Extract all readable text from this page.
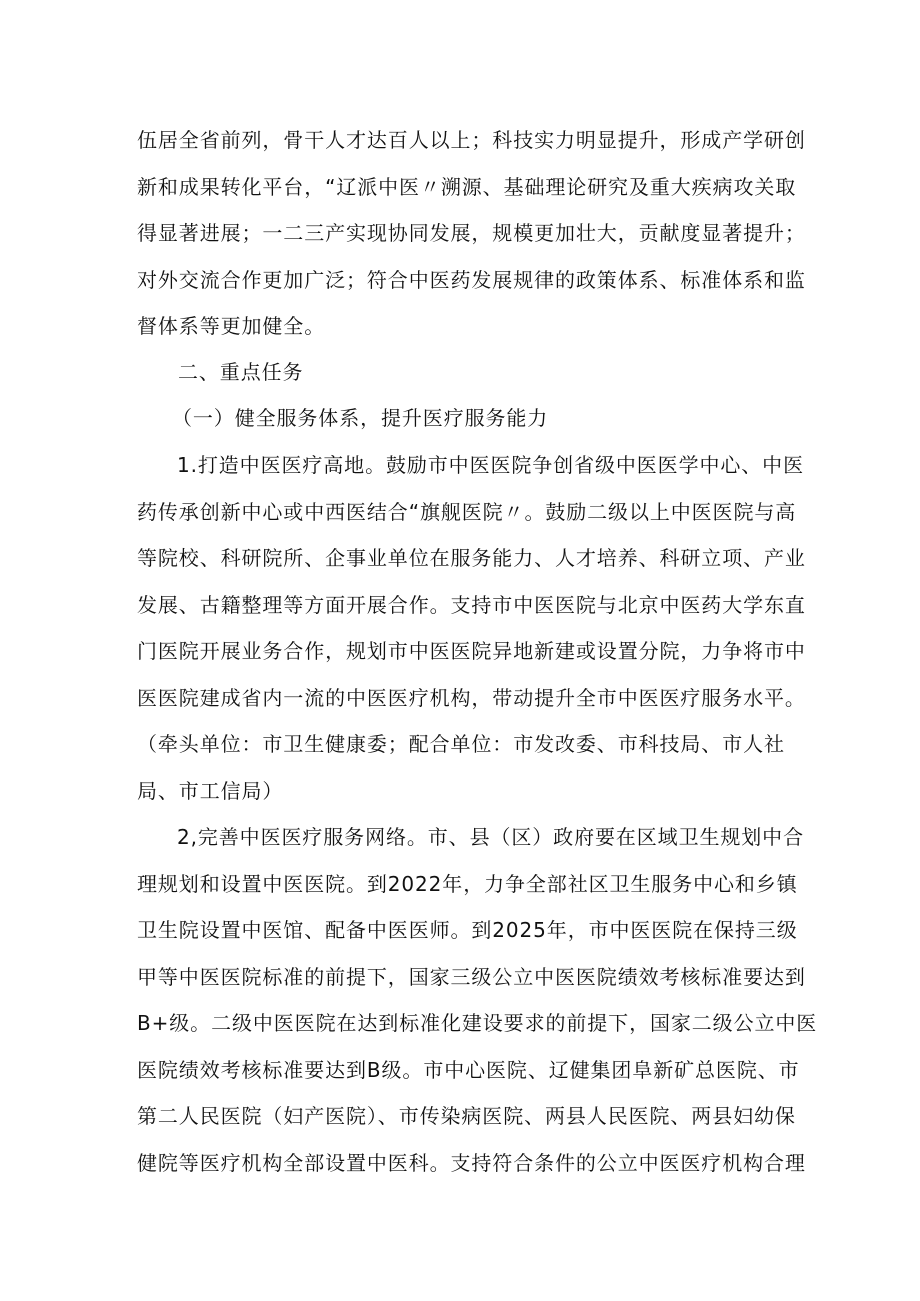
伍居全省前列，骨干人才达百人以上；科技实力明显提升，形成产学研创
新和成果转化平台，“辽派中医〃溯源、基础理论研究及重大疾病攻关取
得显著进展；一二三产实现协同发展，规模更加壮大，贡献度显著提升；
对外交流合作更加广泛；符合中医药发展规律的政策体系、标准体系和监
督体系等更加健全。
二、重点任务
（一）健全服务体系，提升医疗服务能力
1.打造中医医疗高地。鼓励市中医医院争创省级中医医学中心、中医
药传承创新中心或中西医结合“旗舰医院〃。鼓励二级以上中医医院与高
等院校、科研院所、企事业单位在服务能力、人才培养、科研立项、产业
发展、古籍整理等方面开展合作。支持市中医医院与北京中医药大学东直
门医院开展业务合作，规划市中医医院异地新建或设置分院，力争将市中
医医院建成省内一流的中医医疗机构，带动提升全市中医医疗服务水平。
（牵头单位：市卫生健康委；配合单位：市发改委、市科技局、市人社
局、市工信局）
2,完善中医医疗服务网络。市、县（区）政府要在区域卫生规划中合
理规划和设置中医医院。到2022年，力争全部社区卫生服务中心和乡镇
卫生院设置中医馆、配备中医医师。到2025年，市中医医院在保持三级
甲等中医医院标准的前提下，国家三级公立中医医院绩效考核标准要达到
B+级。二级中医医院在达到标准化建设要求的前提下，国家二级公立中医
医院绩效考核标准要达到B级。市中心医院、辽健集团阜新矿总医院、市
第二人民医院（妇产医院）、市传染病医院、两县人民医院、两县妇幼保
健院等医疗机构全部设置中医科。支持符合条件的公立中医医疗机构合理
